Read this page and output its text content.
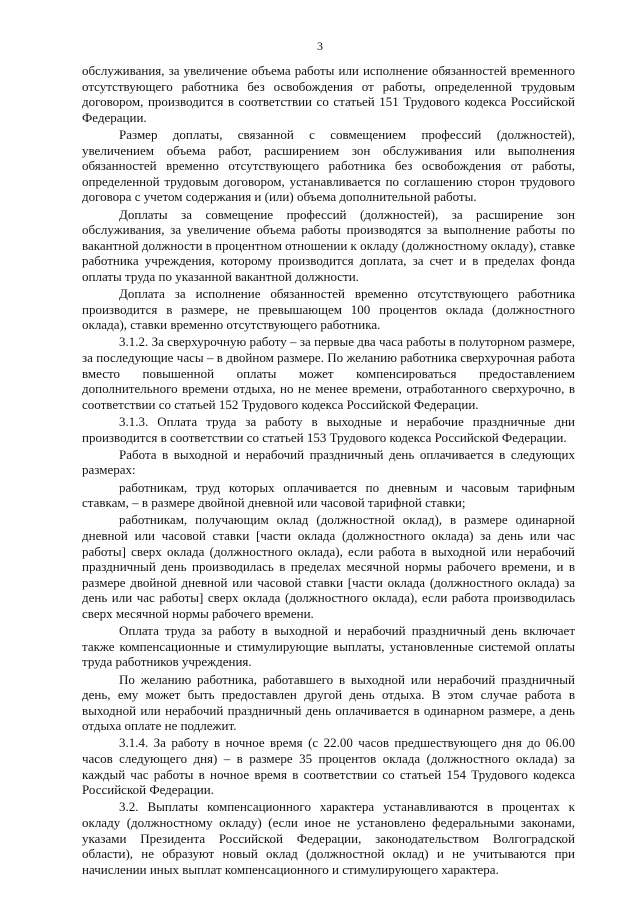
3

обслуживания, за увеличение объема работы или исполнение обязанностей временного отсутствующего работника без освобождения от работы, определенной трудовым договором, производится в соответствии со статьей 151 Трудового кодекса Российской Федерации.

Размер доплаты, связанной с совмещением профессий (должностей), увеличением объема работ, расширением зон обслуживания или выполнения обязанностей временно отсутствующего работника без освобождения от работы, определенной трудовым договором, устанавливается по соглашению сторон трудового договора с учетом содержания и (или) объема дополнительной работы.

Доплаты за совмещение профессий (должностей), за расширение зон обслуживания, за увеличение объема работы производятся за выполнение работы по вакантной должности в процентном отношении к окладу (должностному окладу), ставке работника учреждения, которому производится доплата, за счет и в пределах фонда оплаты труда по указанной вакантной должности.

Доплата за исполнение обязанностей временно отсутствующего работника производится в размере, не превышающем 100 процентов оклада (должностного оклада), ставки временно отсутствующего работника.

3.1.2. За сверхурочную работу – за первые два часа работы в полуторном размере, за последующие часы – в двойном размере. По желанию работника сверхурочная работа вместо повышенной оплаты может компенсироваться предоставлением дополнительного времени отдыха, но не менее времени, отработанного сверхурочно, в соответствии со статьей 152 Трудового кодекса Российской Федерации.

3.1.3. Оплата труда за работу в выходные и нерабочие праздничные дни производится в соответствии со статьей 153 Трудового кодекса Российской Федерации.

Работа в выходной и нерабочий праздничный день оплачивается в следующих размерах:

работникам, труд которых оплачивается по дневным и часовым тарифным ставкам, – в размере двойной дневной или часовой тарифной ставки;

работникам, получающим оклад (должностной оклад), в размере одинарной дневной или часовой ставки [части оклада (должностного оклада) за день или час работы] сверх оклада (должностного оклада), если работа в выходной или нерабочий праздничный день производилась в пределах месячной нормы рабочего времени, и в размере двойной дневной или часовой ставки [части оклада (должностного оклада) за день или час работы] сверх оклада (должностного оклада), если работа производилась сверх месячной нормы рабочего времени.

Оплата труда за работу в выходной и нерабочий праздничный день включает также компенсационные и стимулирующие выплаты, установленные системой оплаты труда работников учреждения.

По желанию работника, работавшего в выходной или нерабочий праздничный день, ему может быть предоставлен другой день отдыха. В этом случае работа в выходной или нерабочий праздничный день оплачивается в одинарном размере, а день отдыха оплате не подлежит.

3.1.4. За работу в ночное время (с 22.00 часов предшествующего дня до 06.00 часов следующего дня) – в размере 35 процентов оклада (должностного оклада) за каждый час работы в ночное время в соответствии со статьей 154 Трудового кодекса Российской Федерации.

3.2. Выплаты компенсационного характера устанавливаются в процентах к окладу (должностному окладу) (если иное не установлено федеральными законами, указами Президента Российской Федерации, законодательством Волгоградской области), не образуют новый оклад (должностной оклад) и не учитываются при начислении иных выплат компенсационного и стимулирующего характера.
